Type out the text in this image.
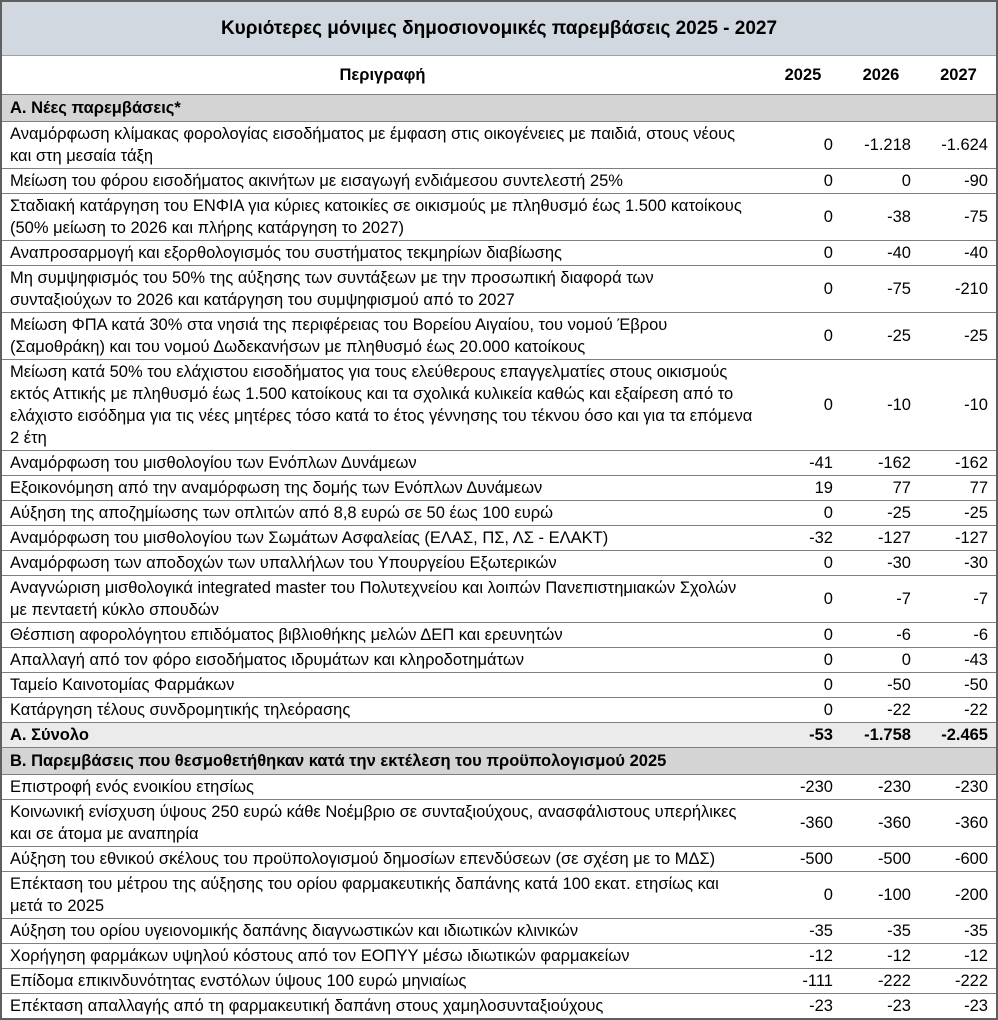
Κυριότερες μόνιμες δημοσιονομικές παρεμβάσεις 2025 - 2027			
Περιγραφή	2025	2026	2027
Α. Νέες παρεμβάσεις*			
Αναμόρφωση κλίμακας φορολογίας εισοδήματος με έμφαση στις οικογένειες με παιδιά, στους νέους και στη μεσαία τάξη	0	-1.218	-1.624
Μείωση του φόρου εισοδήματος ακινήτων με εισαγωγή ενδιάμεσου συντελεστή 25%	0	0	-90
Σταδιακή κατάργηση του ΕΝΦΙΑ για κύριες κατοικίες σε οικισμούς με πληθυσμό έως 1.500 κατοίκους (50% μείωση το 2026 και πλήρης κατάργηση το 2027)	0	-38	-75
Αναπροσαρμογή και εξορθολογισμός του συστήματος τεκμηρίων διαβίωσης	0	-40	-40
Μη συμψηφισμός του 50% της αύξησης των συντάξεων με την προσωπική διαφορά των συνταξιούχων το 2026 και κατάργηση του συμψηφισμού από το 2027	0	-75	-210
Μείωση ΦΠΑ κατά 30% στα νησιά της περιφέρειας του Βορείου Αιγαίου, του νομού Έβρου (Σαμοθράκη) και του νομού Δωδεκανήσων με πληθυσμό έως 20.000 κατοίκους	0	-25	-25
Μείωση κατά 50% του ελάχιστου εισοδήματος για τους ελεύθερους επαγγελματίες στους οικισμούς εκτός Αττικής με πληθυσμό έως 1.500 κατοίκους και τα σχολικά κυλικεία καθώς και εξαίρεση από το ελάχιστο εισόδημα για τις νέες μητέρες τόσο κατά το έτος γέννησης του τέκνου όσο και για τα επόμενα 2 έτη	0	-10	-10
Αναμόρφωση του μισθολογίου των Ενόπλων Δυνάμεων	-41	-162	-162
Εξοικονόμηση από την αναμόρφωση της δομής των Ενόπλων Δυνάμεων	19	77	77
Αύξηση της αποζημίωσης των οπλιτών από 8,8 ευρώ σε 50 έως 100 ευρώ	0	-25	-25
Αναμόρφωση του μισθολογίου των Σωμάτων Ασφαλείας (ΕΛΑΣ, ΠΣ, ΛΣ - ΕΛΑΚΤ)	-32	-127	-127
Αναμόρφωση των αποδοχών των υπαλλήλων του Υπουργείου Εξωτερικών	0	-30	-30
Αναγνώριση μισθολογικά integrated master του Πολυτεχνείου και λοιπών Πανεπιστημιακών Σχολών με πενταετή κύκλο σπουδών	0	-7	-7
Θέσπιση αφορολόγητου επιδόματος βιβλιοθήκης μελών ΔΕΠ και ερευνητών	0	-6	-6
Απαλλαγή από τον φόρο εισοδήματος ιδρυμάτων και κληροδοτημάτων	0	0	-43
Ταμείο Καινοτομίας Φαρμάκων	0	-50	-50
Κατάργηση τέλους συνδρομητικής τηλεόρασης	0	-22	-22
Α. Σύνολο	-53	-1.758	-2.465
Β. Παρεμβάσεις που θεσμοθετήθηκαν κατά την εκτέλεση του προϋπολογισμού 2025			
Επιστροφή ενός ενοικίου ετησίως	-230	-230	-230
Κοινωνική ενίσχυση ύψους 250 ευρώ κάθε Νοέμβριο σε συνταξιούχους, ανασφάλιστους υπερήλικες και σε άτομα με αναπηρία	-360	-360	-360
Αύξηση του εθνικού σκέλους του προϋπολογισμού δημοσίων επενδύσεων (σε σχέση με το ΜΔΣ)	-500	-500	-600
Επέκταση του μέτρου της αύξησης του ορίου φαρμακευτικής δαπάνης κατά 100 εκατ. ετησίως και μετά το 2025	0	-100	-200
Αύξηση του ορίου υγειονομικής δαπάνης διαγνωστικών και ιδιωτικών κλινικών	-35	-35	-35
Χορήγηση φαρμάκων υψηλού κόστους από τον ΕΟΠΥΥ μέσω ιδιωτικών φαρμακείων	-12	-12	-12
Επίδομα επικινδυνότητας ενστόλων ύψους 100 ευρώ μηνιαίως	-111	-222	-222
Επέκταση απαλλαγής από τη φαρμακευτική δαπάνη στους χαμηλοσυνταξιούχους	-23	-23	-23
